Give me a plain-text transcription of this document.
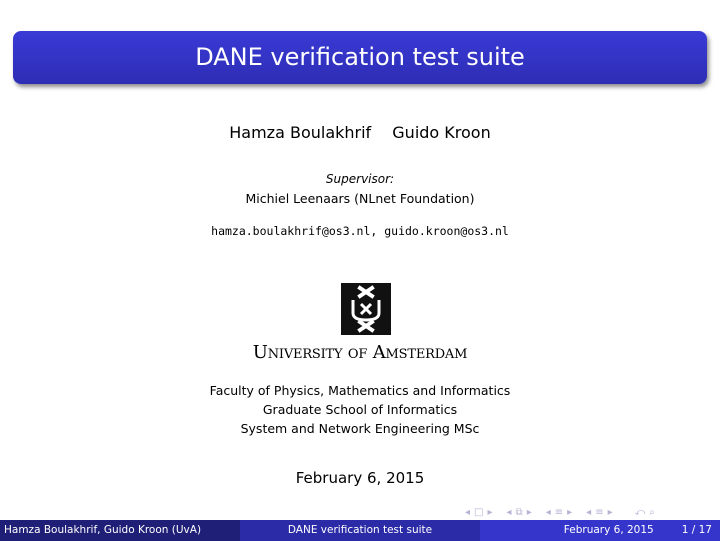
DANE verification test suite
Hamza Boulakhrif Guido Kroon
Supervisor:
Michiel Leenaars (NLnet Foundation)
hamza.boulakhrif@os3.nl, guido.kroon@os3.nl
University of Amsterdam
Faculty of Physics, Mathematics and Informatics
Graduate School of Informatics
System and Network Engineering MSc
February 6, 2015
◂ □ ▸ ◂ ⧉ ▸ ◂ ≡ ▸ ◂ ≡ ▸ ⤺ ⌕
Hamza Boulakhrif, Guido Kroon (UvA)	DANE verification test suite	February 6, 2015	1 / 17
